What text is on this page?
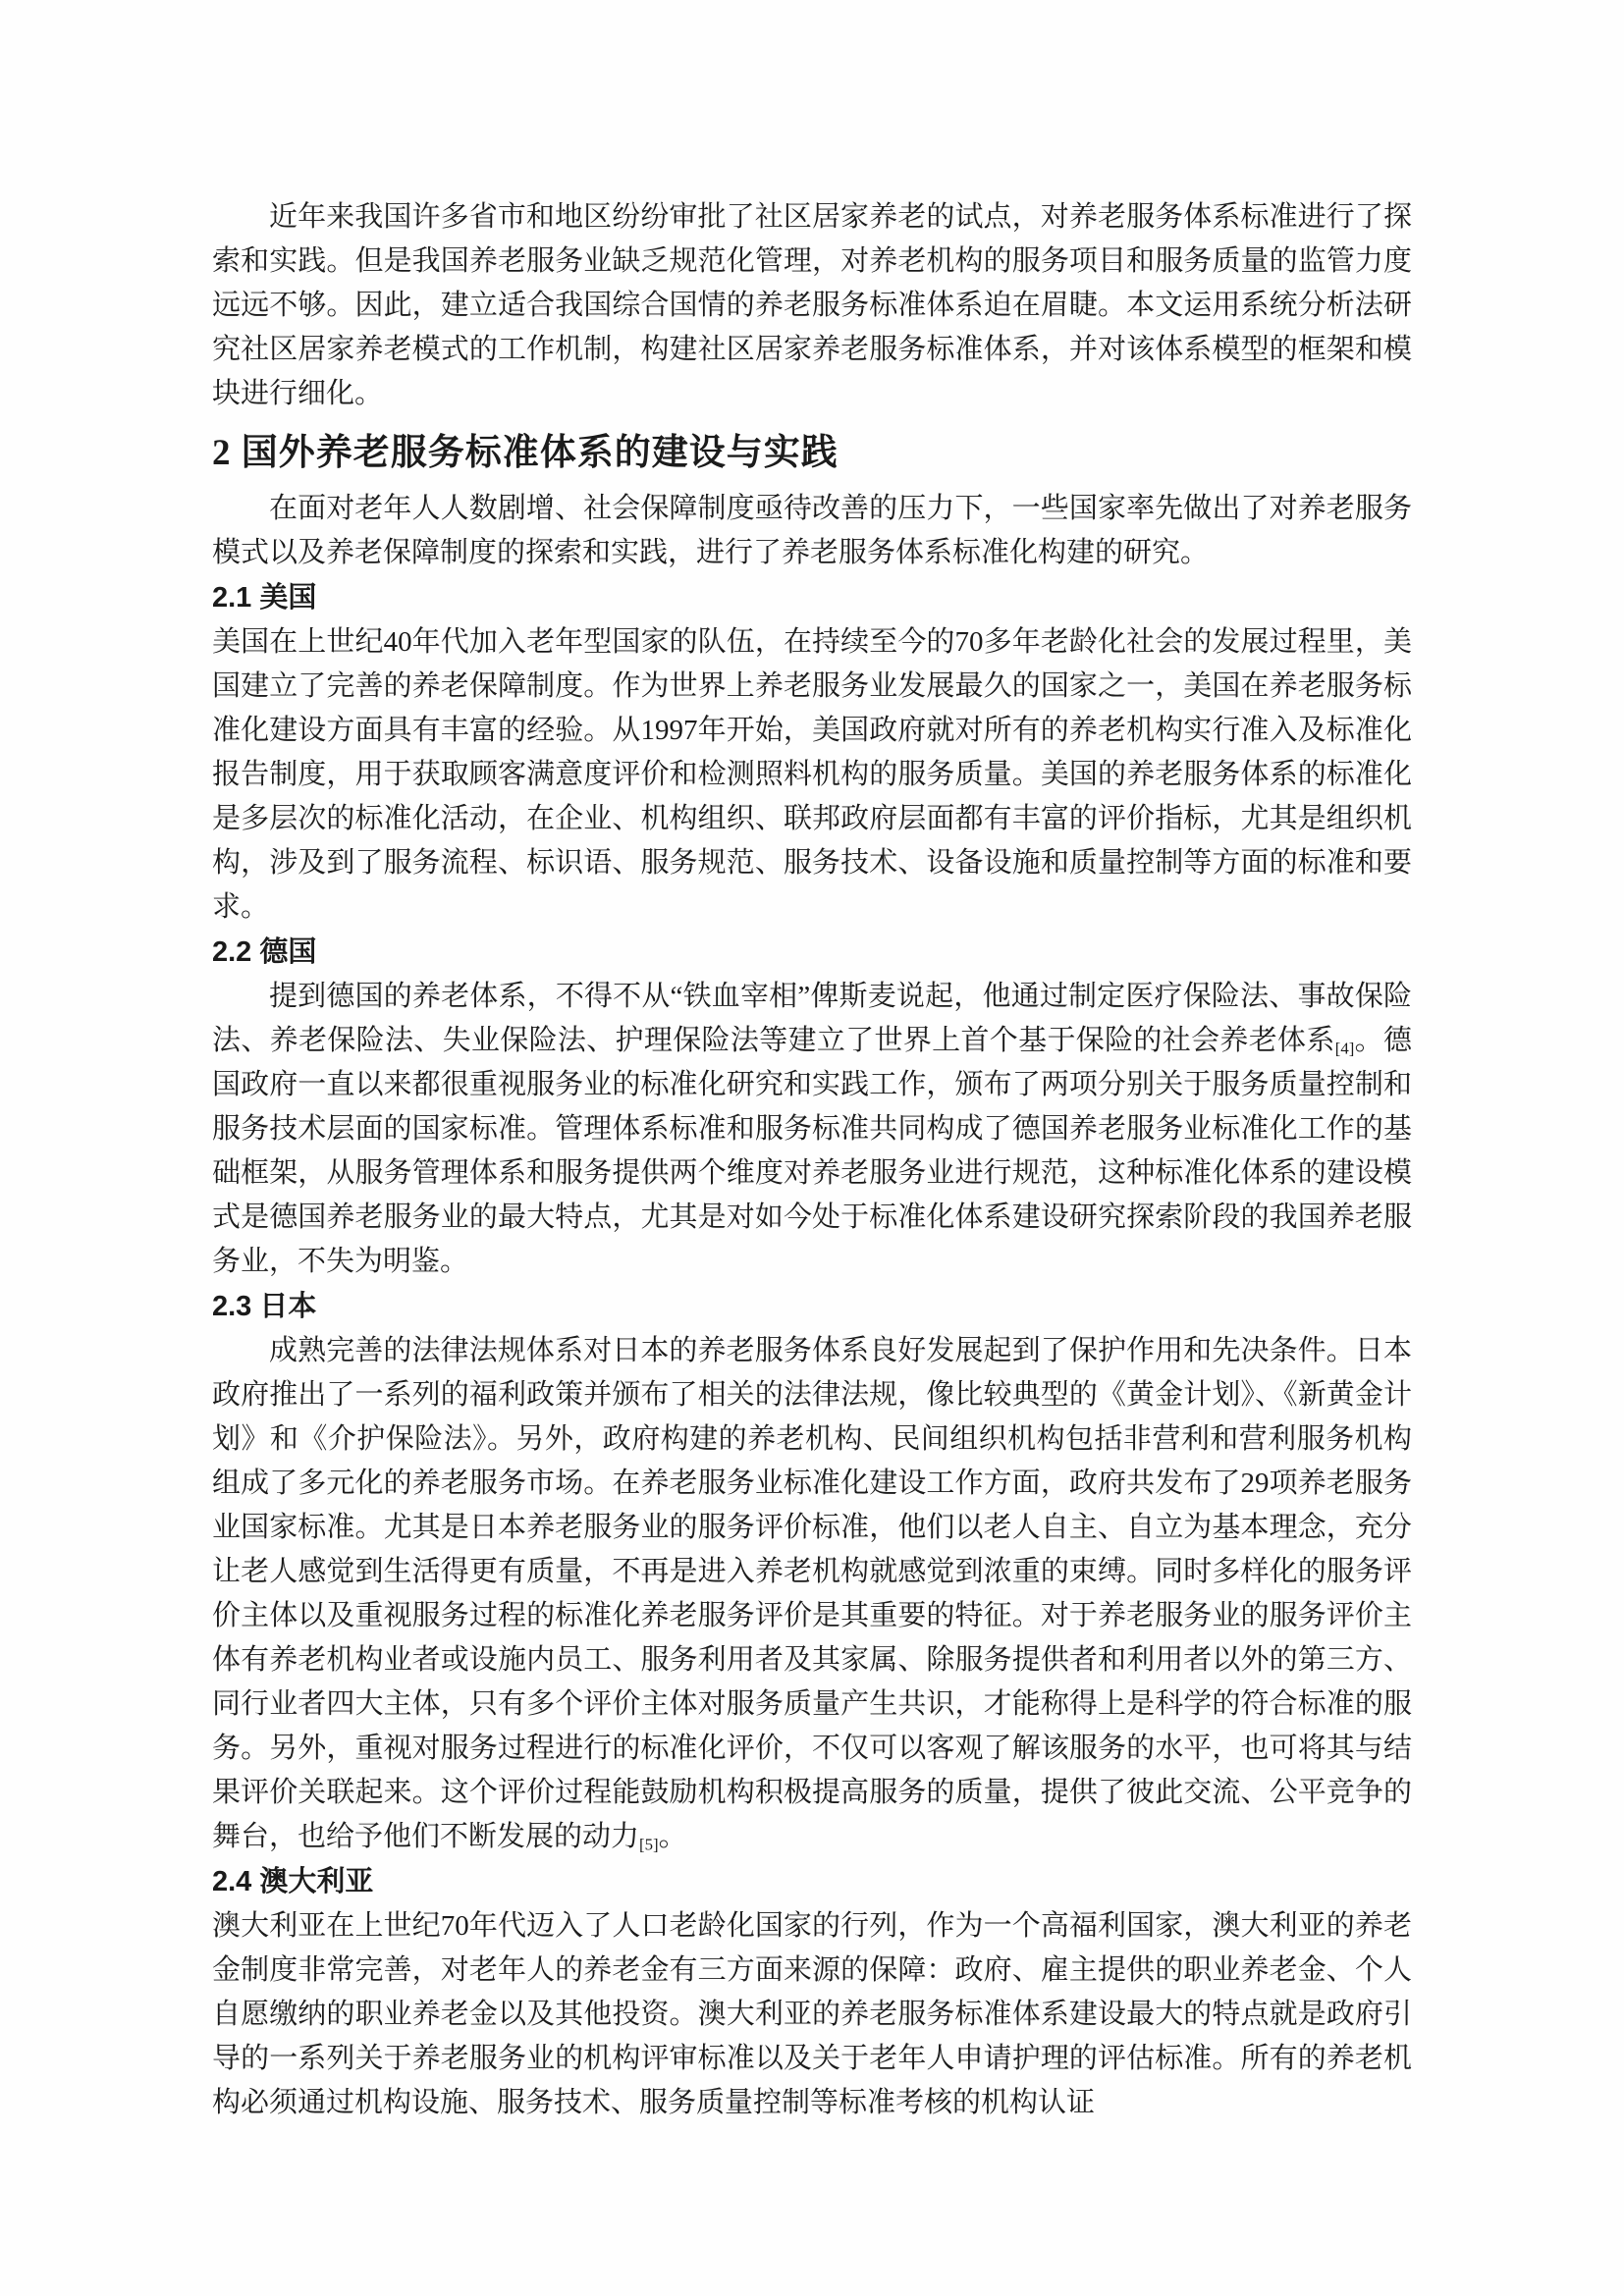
近年来我国许多省市和地区纷纷审批了社区居家养老的试点，对养老服务体系标准进行了探索和实践。但是我国养老服务业缺乏规范化管理，对养老机构的服务项目和服务质量的监管力度远远不够。因此，建立适合我国综合国情的养老服务标准体系迫在眉睫。本文运用系统分析法研究社区居家养老模式的工作机制，构建社区居家养老服务标准体系，并对该体系模型的框架和模块进行细化。

2 国外养老服务标准体系的建设与实践

在面对老年人人数剧增、社会保障制度亟待改善的压力下，一些国家率先做出了对养老服务模式以及养老保障制度的探索和实践，进行了养老服务体系标准化构建的研究。

2.1 美国

美国在上世纪40年代加入老年型国家的队伍，在持续至今的70多年老龄化社会的发展过程里，美国建立了完善的养老保障制度。作为世界上养老服务业发展最久的国家之一，美国在养老服务标准化建设方面具有丰富的经验。从1997年开始，美国政府就对所有的养老机构实行准入及标准化报告制度，用于获取顾客满意度评价和检测照料机构的服务质量。美国的养老服务体系的标准化是多层次的标准化活动，在企业、机构组织、联邦政府层面都有丰富的评价指标，尤其是组织机构，涉及到了服务流程、标识语、服务规范、服务技术、设备设施和质量控制等方面的标准和要求。

2.2 德国

提到德国的养老体系，不得不从“铁血宰相”俾斯麦说起，他通过制定医疗保险法、事故保险法、养老保险法、失业保险法、护理保险法等建立了世界上首个基于保险的社会养老体系[4]。德国政府一直以来都很重视服务业的标准化研究和实践工作，颁布了两项分别关于服务质量控制和服务技术层面的国家标准。管理体系标准和服务标准共同构成了德国养老服务业标准化工作的基础框架，从服务管理体系和服务提供两个维度对养老服务业进行规范，这种标准化体系的建设模式是德国养老服务业的最大特点，尤其是对如今处于标准化体系建设研究探索阶段的我国养老服务业，不失为明鉴。

2.3 日本

成熟完善的法律法规体系对日本的养老服务体系良好发展起到了保护作用和先决条件。日本政府推出了一系列的福利政策并颁布了相关的法律法规，像比较典型的《黄金计划》、《新黄金计划》和《介护保险法》。另外，政府构建的养老机构、民间组织机构包括非营利和营利服务机构组成了多元化的养老服务市场。在养老服务业标准化建设工作方面，政府共发布了29项养老服务业国家标准。尤其是日本养老服务业的服务评价标准，他们以老人自主、自立为基本理念，充分让老人感觉到生活得更有质量，不再是进入养老机构就感觉到浓重的束缚。同时多样化的服务评价主体以及重视服务过程的标准化养老服务评价是其重要的特征。对于养老服务业的服务评价主体有养老机构业者或设施内员工、服务利用者及其家属、除服务提供者和利用者以外的第三方、同行业者四大主体，只有多个评价主体对服务质量产生共识，才能称得上是科学的符合标准的服务。另外，重视对服务过程进行的标准化评价，不仅可以客观了解该服务的水平，也可将其与结果评价关联起来。这个评价过程能鼓励机构积极提高服务的质量，提供了彼此交流、公平竞争的舞台，也给予他们不断发展的动力[5]。

2.4 澳大利亚

澳大利亚在上世纪70年代迈入了人口老龄化国家的行列，作为一个高福利国家，澳大利亚的养老金制度非常完善，对老年人的养老金有三方面来源的保障：政府、雇主提供的职业养老金、个人自愿缴纳的职业养老金以及其他投资。澳大利亚的养老服务标准体系建设最大的特点就是政府引导的一系列关于养老服务业的机构评审标准以及关于老年人申请护理的评估标准。所有的养老机构必须通过机构设施、服务技术、服务质量控制等标准考核的机构认证
